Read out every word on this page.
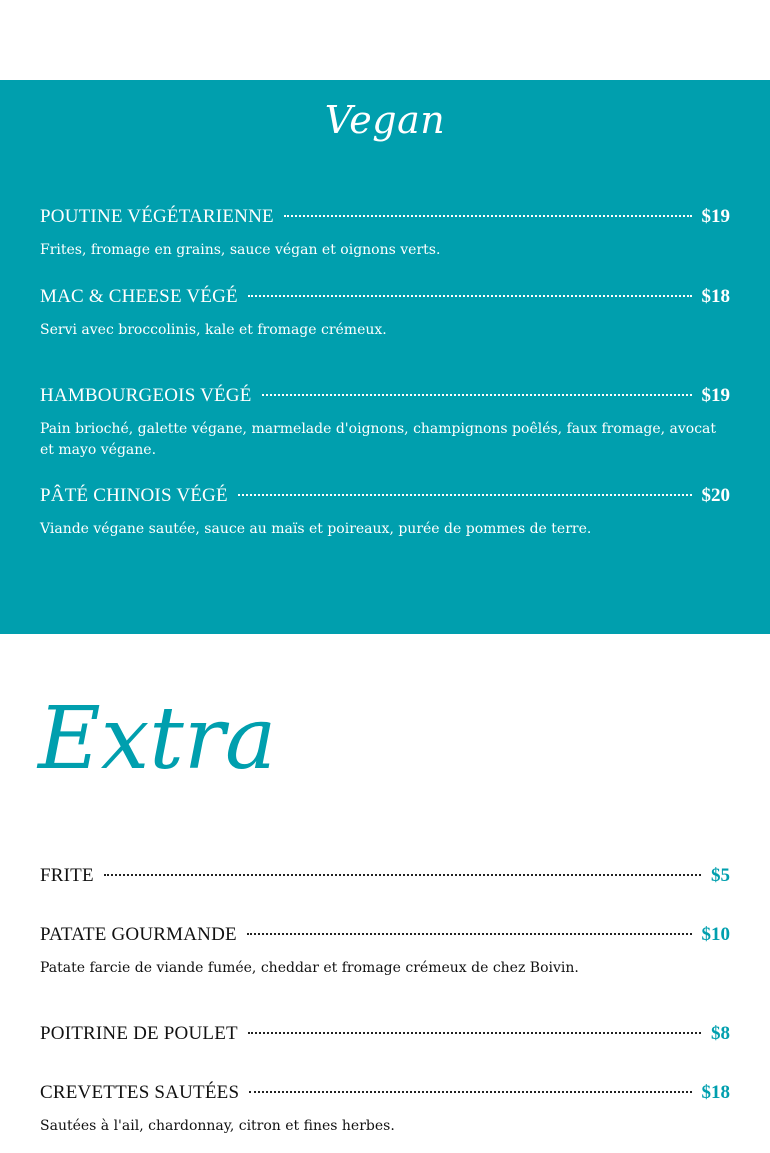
Vegan
POUTINE VÉGÉTARIENNE	$19
Frites, fromage en grains, sauce végan et oignons verts.
MAC & CHEESE VÉGÉ	$18
Servi avec broccolinis, kale et fromage crémeux.
HAMBOURGEOIS VÉGÉ	$19
Pain brioché, galette végane, marmelade d'oignons, champignons poêlés, faux fromage, avocat et mayo végane.
PÂTÉ CHINOIS VÉGÉ	$20
Viande végane sautée, sauce au maïs et poireaux, purée de pommes de terre.
Extra
FRITE	$5
PATATE GOURMANDE	$10
Patate farcie de viande fumée, cheddar et fromage crémeux de chez Boivin.
POITRINE DE POULET	$8
CREVETTES SAUTÉES	$18
Sautées à l'ail, chardonnay, citron et fines herbes.
